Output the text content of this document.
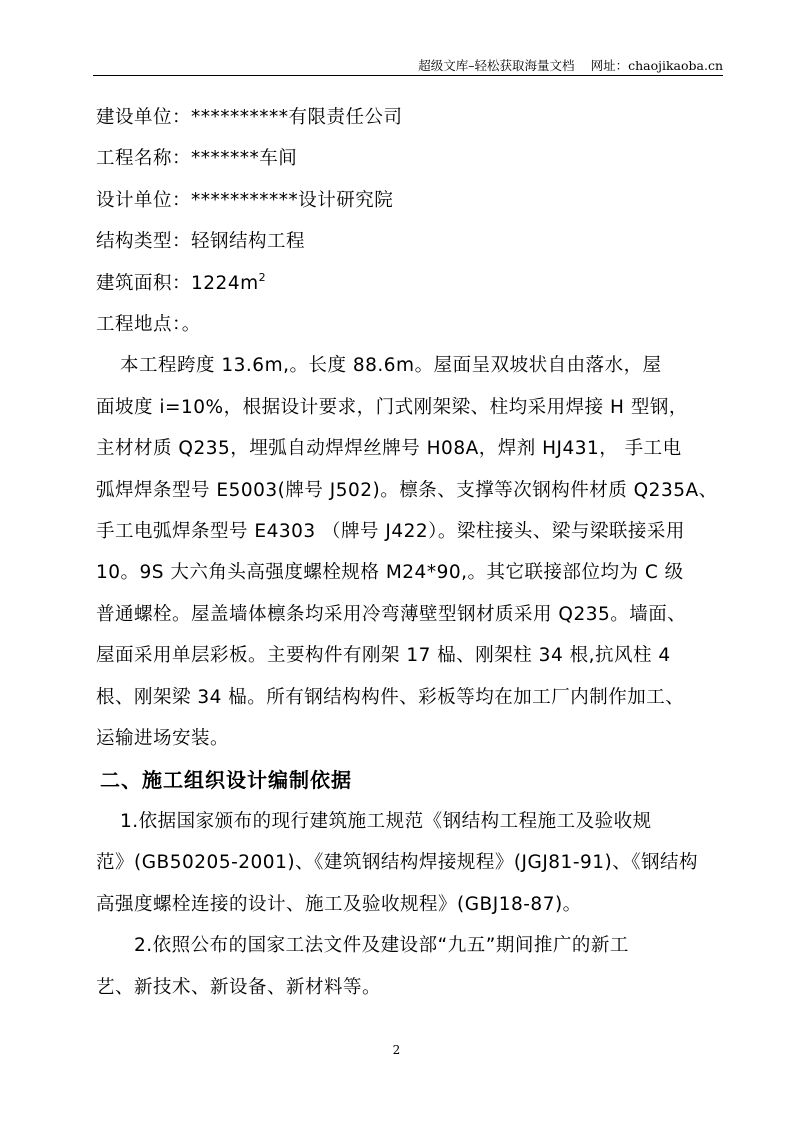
超级文库–轻松获取海量文档 网址：chaojikaoba.cn
建设单位：**********有限责任公司
工程名称：*******车间
设计单位：***********设计研究院
结构类型：轻钢结构工程
建筑面积：$1224m^2$
工程地点：。
本工程跨度 13.6m,。长度 88.6m。屋面呈双坡状自由落水，屋
面坡度 i=10%，根据设计要求，门式刚架梁、柱均采用焊接 H 型钢，
主材材质 Q235，埋弧自动焊焊丝牌号 H08A，焊剂 HJ431， 手工电
弧焊焊条型号 E5003(牌号 J502)。檩条、支撑等次钢构件材质 Q235A、
手工电弧焊条型号 E4303 （牌号 J422）。梁柱接头、梁与梁联接采用
10。9S 大六角头高强度螺栓规格 M24*90,。其它联接部位均为 C 级
普通螺栓。屋盖墙体檩条均采用冷弯薄壁型钢材质采用 Q235。墙面、
屋面采用单层彩板。主要构件有刚架 17 榀、刚架柱 34 根,抗风柱 4
根、刚架梁 34 榀。所有钢结构构件、彩板等均在加工厂内制作加工、
运输进场安装。
二、施工组织设计编制依据
1.依据国家颁布的现行建筑施工规范《钢结构工程施工及验收规
范》(GB50205-2001)、《建筑钢结构焊接规程》(JGJ81-91)、《钢结构
高强度螺栓连接的设计、施工及验收规程》(GBJ18-87)。
2.依照公布的国家工法文件及建设部“九五”期间推广的新工
艺、新技术、新设备、新材料等。
2
